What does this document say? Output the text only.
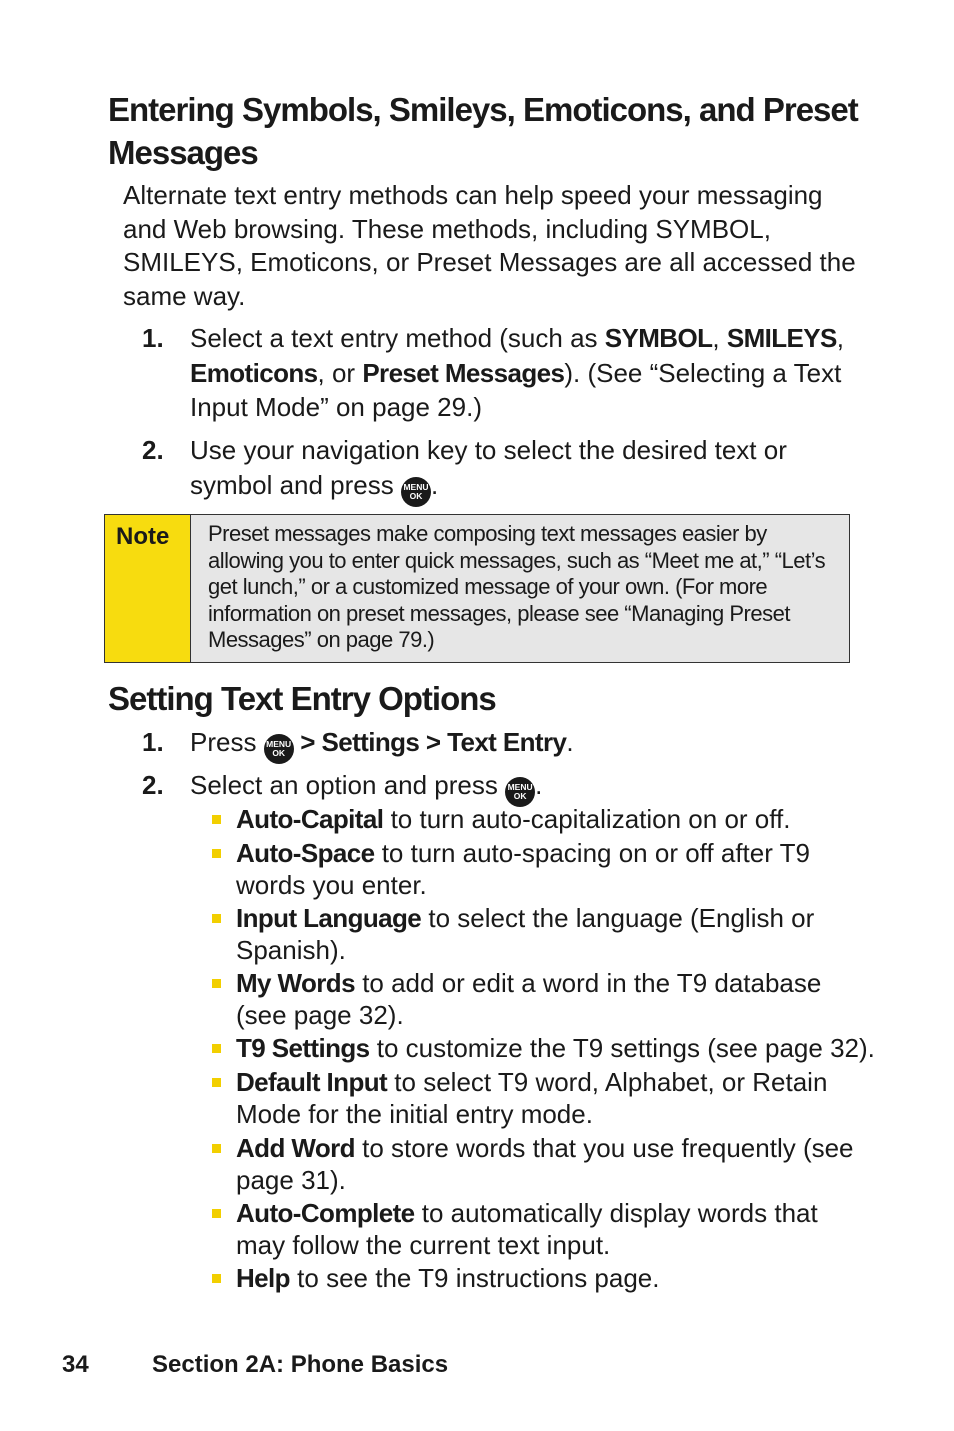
Entering Symbols, Smileys, Emoticons, and Preset Messages
Alternate text entry methods can help speed your messaging and Web browsing. These methods, including SYMBOL, SMILEYS, Emoticons, or Preset Messages are all accessed the same way.
1.	Select a text entry method (such as SYMBOL, SMILEYS,
Emoticons, or Preset Messages). (See “Selecting a Text Input Mode” on page 29.)
2.	Use your navigation key to select the desired text or symbol and press MENU
OK .
Note Preset messages make composing text messages easier by allowing you to enter quick messages, such as “Meet me at,” “Let’s get lunch,” or a customized message of your own. (For more information on preset messages, please see “Managing Preset Messages” on page 79.)
Setting Text Entry Options
1.	Press MENU
OK > Settings > Text Entry.
2.	Select an option and press MENU
OK .
Auto-Capital to turn auto-capitalization on or off.
Auto-Space to turn auto-spacing on or off after T9 words you enter.
Input Language to select the language (English or Spanish).
My Words to add or edit a word in the T9 database (see page 32).
T9 Settings to customize the T9 settings (see page 32).
Default Input to select T9 word, Alphabet, or Retain Mode for the initial entry mode.
Add Word to store words that you use frequently (see page 31).
Auto-Complete to automatically display words that may follow the current text input.
Help to see the T9 instructions page.
34	Section 2A: Phone Basics
